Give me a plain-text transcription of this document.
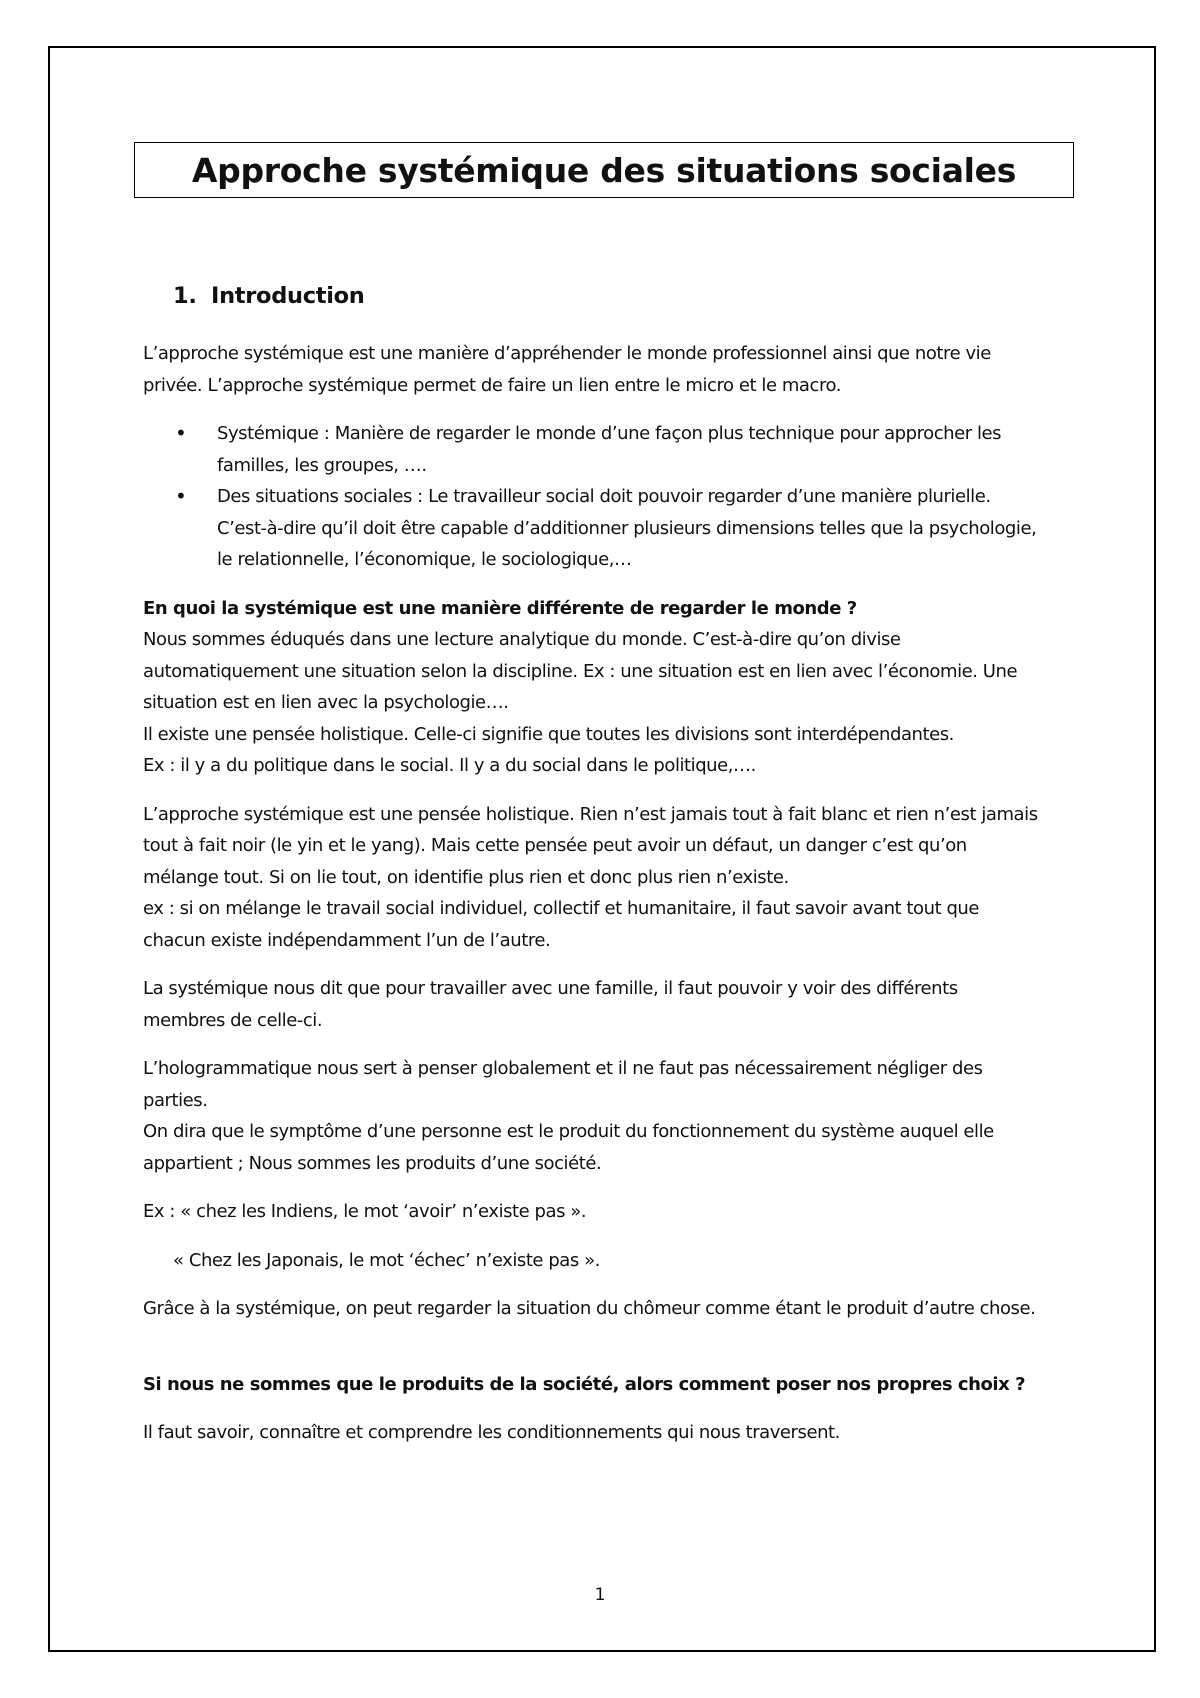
Approche systémique des situations sociales
1. Introduction

L’approche systémique est une manière d’appréhender le monde professionnel ainsi que notre vie privée. L’approche systémique permet de faire un lien entre le micro et le macro.

• Systémique : Manière de regarder le monde d’une façon plus technique pour approcher les familles, les groupes, ….
• Des situations sociales : Le travailleur social doit pouvoir regarder d’une manière plurielle. C’est-à-dire qu’il doit être capable d’additionner plusieurs dimensions telles que la psychologie, le relationnelle, l’économique, le sociologique,…

En quoi la systémique est une manière différente de regarder le monde ?

Nous sommes éduqués dans une lecture analytique du monde. C’est-à-dire qu’on divise automatiquement une situation selon la discipline. Ex : une situation est en lien avec l’économie. Une situation est en lien avec la psychologie….

Il existe une pensée holistique. Celle-ci signifie que toutes les divisions sont interdépendantes.

Ex : il y a du politique dans le social. Il y a du social dans le politique,….

L’approche systémique est une pensée holistique. Rien n’est jamais tout à fait blanc et rien n’est jamais tout à fait noir (le yin et le yang). Mais cette pensée peut avoir un défaut, un danger c’est qu’on mélange tout. Si on lie tout, on identifie plus rien et donc plus rien n’existe.

ex : si on mélange le travail social individuel, collectif et humanitaire, il faut savoir avant tout que chacun existe indépendamment l’un de l’autre.

La systémique nous dit que pour travailler avec une famille, il faut pouvoir y voir des différents membres de celle-ci.

L’hologrammatique nous sert à penser globalement et il ne faut pas nécessairement négliger des parties.

On dira que le symptôme d’une personne est le produit du fonctionnement du système auquel elle appartient ; Nous sommes les produits d’une société.

Ex : « chez les Indiens, le mot ‘avoir’ n’existe pas ».

« Chez les Japonais, le mot ‘échec’ n’existe pas ».

Grâce à la systémique, on peut regarder la situation du chômeur comme étant le produit d’autre chose.

Si nous ne sommes que le produits de la société, alors comment poser nos propres choix ?

Il faut savoir, connaître et comprendre les conditionnements qui nous traversent.

1
